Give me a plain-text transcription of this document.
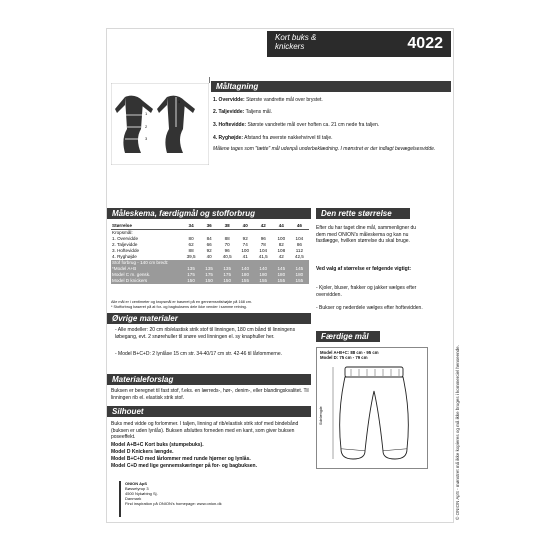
Kort buks &
knickers	4022
1
2
3
4
Måltagning
1. Overvidde: Største vandrette mål over brystet.
2. Taljevidde: Taljens mål.
3. Hoftevidde: Største vandrette mål over hoften ca. 21 cm nede fra taljen.
4. Ryghøjde: Afstand fra øverste nakkehvirvel til talje.
Målene tages som "tætte" mål udenpå underbeklædning. I mønstret er der indlagt bevægelsesvidde.
Måleskema, færdigmål og stofforbrug
Størrelse	34	36	38	40	42	44	46
Kropsmål:							
1. Overvidde	80	84	88	92	96	100	104
2. Taljevidde	62	66	70	74	78	82	86
3. Hoftevidde	88	92	96	100	104	108	112
4. Ryghøjde	39,5	40	40,5	41	41,5	42	42,5
Stof forbrug - 140 cm bredt:							
*Model A+B	135	135	135	140	140	145	145
Model C m. gensk.	175	175	175	180	180	180	180
Model D knickers	150	150	150	155	155	155	155
Alle mål er i centimeter og kropsmål er baseret på en gennemsnitshøjde på 168 cm.
* Stofforbrug baseret på at for- og bagbuksens dele ikke vender i samme retning.
Øvrige materialer
- Alle modeller: 20 cm rib/elastisk strik stof til linningen, 180 cm bånd til linningens løbegang, evt. 2 snørehuller til snøre ved linningen el. sy knaphuller her.
- Model B+C+D: 2 lynlåse 15 cm str. 34-40/17 cm str. 42-46 til lårlommerne.
Materialeforslag
Buksen er beregnet til fast stof, f.eks. en lærreds-, hør-, denim-, eller blandingskvalitet. Til linningen rib el. elastisk strik stof.
Silhouet
Buks med vidde og forlommer. I taljen, linning af rib/elastisk strik stof med bindebånd (buksen er uden lynlås). Buksen afsluttes forneden med en kant, som giver buksen poseeffekt.
Model A+B+C Kort buks (stumpebuks).
Model D Knickers længde.
Model B+C+D med lårlommer med runde hjørner og lynlås.
Model C+D med lige gennemskæringer på for- og bagbuksen.
Den rette størrelse
Efter du har taget dine mål, sammenligner du dem med ONION's måleskema og kan nu fastlægge, hvilken størrelse du skal bruge.
Ved valg af størrelse er følgende vigtigt:
- Kjoler, bluser, frakker og jakker vælges efter overvidden.
- Bukser og nederdele vælges efter hoftevidden.
Færdige mål
Model A+B+C: 88 cm - 95 cm
Model D: 75 cm - 79 cm
Sidelængde
ONION ApS
Bøssetyrup 3
4500 Nykøbing Sj.
Danmark
Find inspiration på ONION's homepage: www.onion.dk	© ONION ApS - mønstret må ikke kopieres og må ikke bruges i kommerciel henseende.
